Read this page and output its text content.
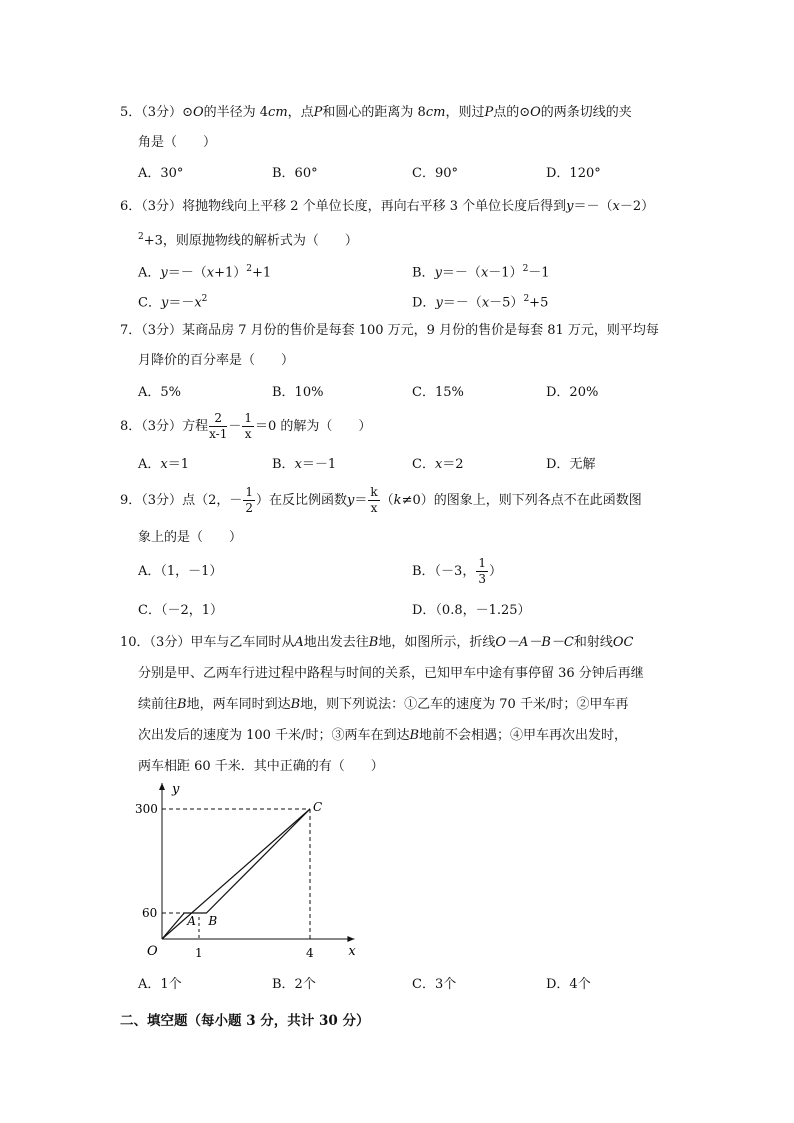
5．（3分）⊙O的半径为 4cm，点P和圆心的距离为 8cm，则过P点的⊙O的两条切线的夹
角是（　　）
A．30°	B．60°	C．90°	D．120°
6．（3分）将抛物线向上平移 2 个单位长度，再向右平移 3 个单位长度后得到y＝－（x－2）
$^2$+3，则原抛物线的解析式为（　　）
A．$y=-(x+1)^2+1$	B．$y=-(x-1)^2-1$
C．$y=-x^2$	D．$y=-(x-5)^2+5$
7．（3分）某商品房 7 月份的售价是每套 100 万元，9 月份的售价是每套 81 万元，则平均每
月降价的百分率是（　　）
A．5%	B．10%	C．15%	D．20%
8．（3分）方程 $\frac{2}{x-1} - \frac{1}{x} =0$ 的解为（　　）
A．x＝1	B．x＝－1	C．x＝2	D．无解
9．（3分）点（2，－ $\frac{1}{2}$ ）在反比例函数$y= \frac{k}{x} (k\ne 0)$的图象上，则下列各点不在此函数图
象上的是（　　）
A．（1，－1）	B．（－3， $\frac{1}{3}$ ）
C．（－2，1）	D．（0.8，－1.25）
10．（3分）甲车与乙车同时从A地出发去往B地，如图所示，折线O－A－B－C和射线OC
分别是甲、乙两车行进过程中路程与时间的关系，已知甲车中途有事停留 36 分钟后再继
续前往B地，两车同时到达B地，则下列说法：①乙车的速度为 70 千米/时；②甲车再
次出发后的速度为 100 千米/时；③两车在到达B地前不会相遇；④甲车再次出发时，
两车相距 60 千米．其中正确的有（　　）
x
y
O	1	4
60
300
A B
C
A．1个	B．2个	C．3个	D．4个
二、填空题（每小题 3 分，共计 30 分）
